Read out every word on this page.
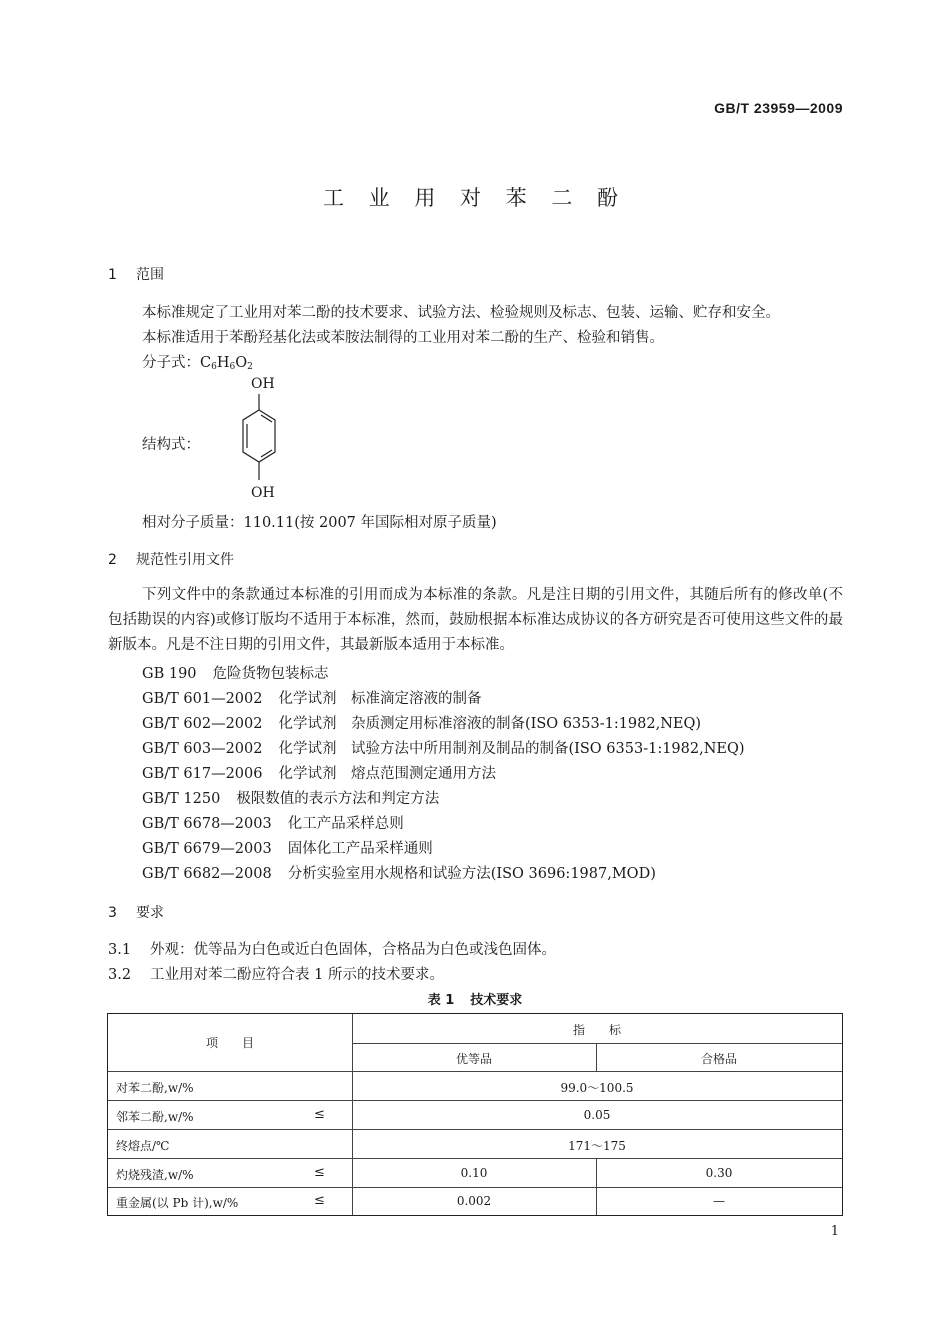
GB/T 23959—2009
工 业 用 对 苯 二 酚
1 范围
本标准规定了工业用对苯二酚的技术要求、试验方法、检验规则及标志、包装、运输、贮存和安全。
本标准适用于苯酚羟基化法或苯胺法制得的工业用对苯二酚的生产、检验和销售。
分子式：$C_6H_6O_2$
OH
结构式：
OH
相对分子质量：110.11(按 2007 年国际相对原子质量)
2 规范性引用文件
下列文件中的条款通过本标准的引用而成为本标准的条款。凡是注日期的引用文件，其随后所有的修改单(不包括勘误的内容)或修订版均不适用于本标准，然而，鼓励根据本标准达成协议的各方研究是否可使用这些文件的最新版本。凡是不注日期的引用文件，其最新版本适用于本标准。
GB 190 危险货物包装标志
GB/T 601—2002 化学试剂　标准滴定溶液的制备
GB/T 602—2002 化学试剂　杂质测定用标准溶液的制备(ISO 6353-1:1982,NEQ)
GB/T 603—2002 化学试剂　试验方法中所用制剂及制品的制备(ISO 6353-1:1982,NEQ)
GB/T 617—2006 化学试剂　熔点范围测定通用方法
GB/T 1250 极限数值的表示方法和判定方法
GB/T 6678—2003 化工产品采样总则
GB/T 6679—2003 固体化工产品采样通则
GB/T 6682—2008 分析实验室用水规格和试验方法(ISO 3696:1987,MOD)
3 要求
3.1 外观：优等品为白色或近白色固体，合格品为白色或浅色固体。
3.2 工业用对苯二酚应符合表 1 所示的技术要求。
表 1 技术要求
项　　目
指　　标
优等品	合格品
对苯二酚,w/%	99.0～100.5
邻苯二酚,w/%	≤	0.05
终熔点/℃	171～175
灼烧残渣,w/%	≤	0.10	0.30
重金属(以 Pb 计),w/%	≤	0.002	—
1
